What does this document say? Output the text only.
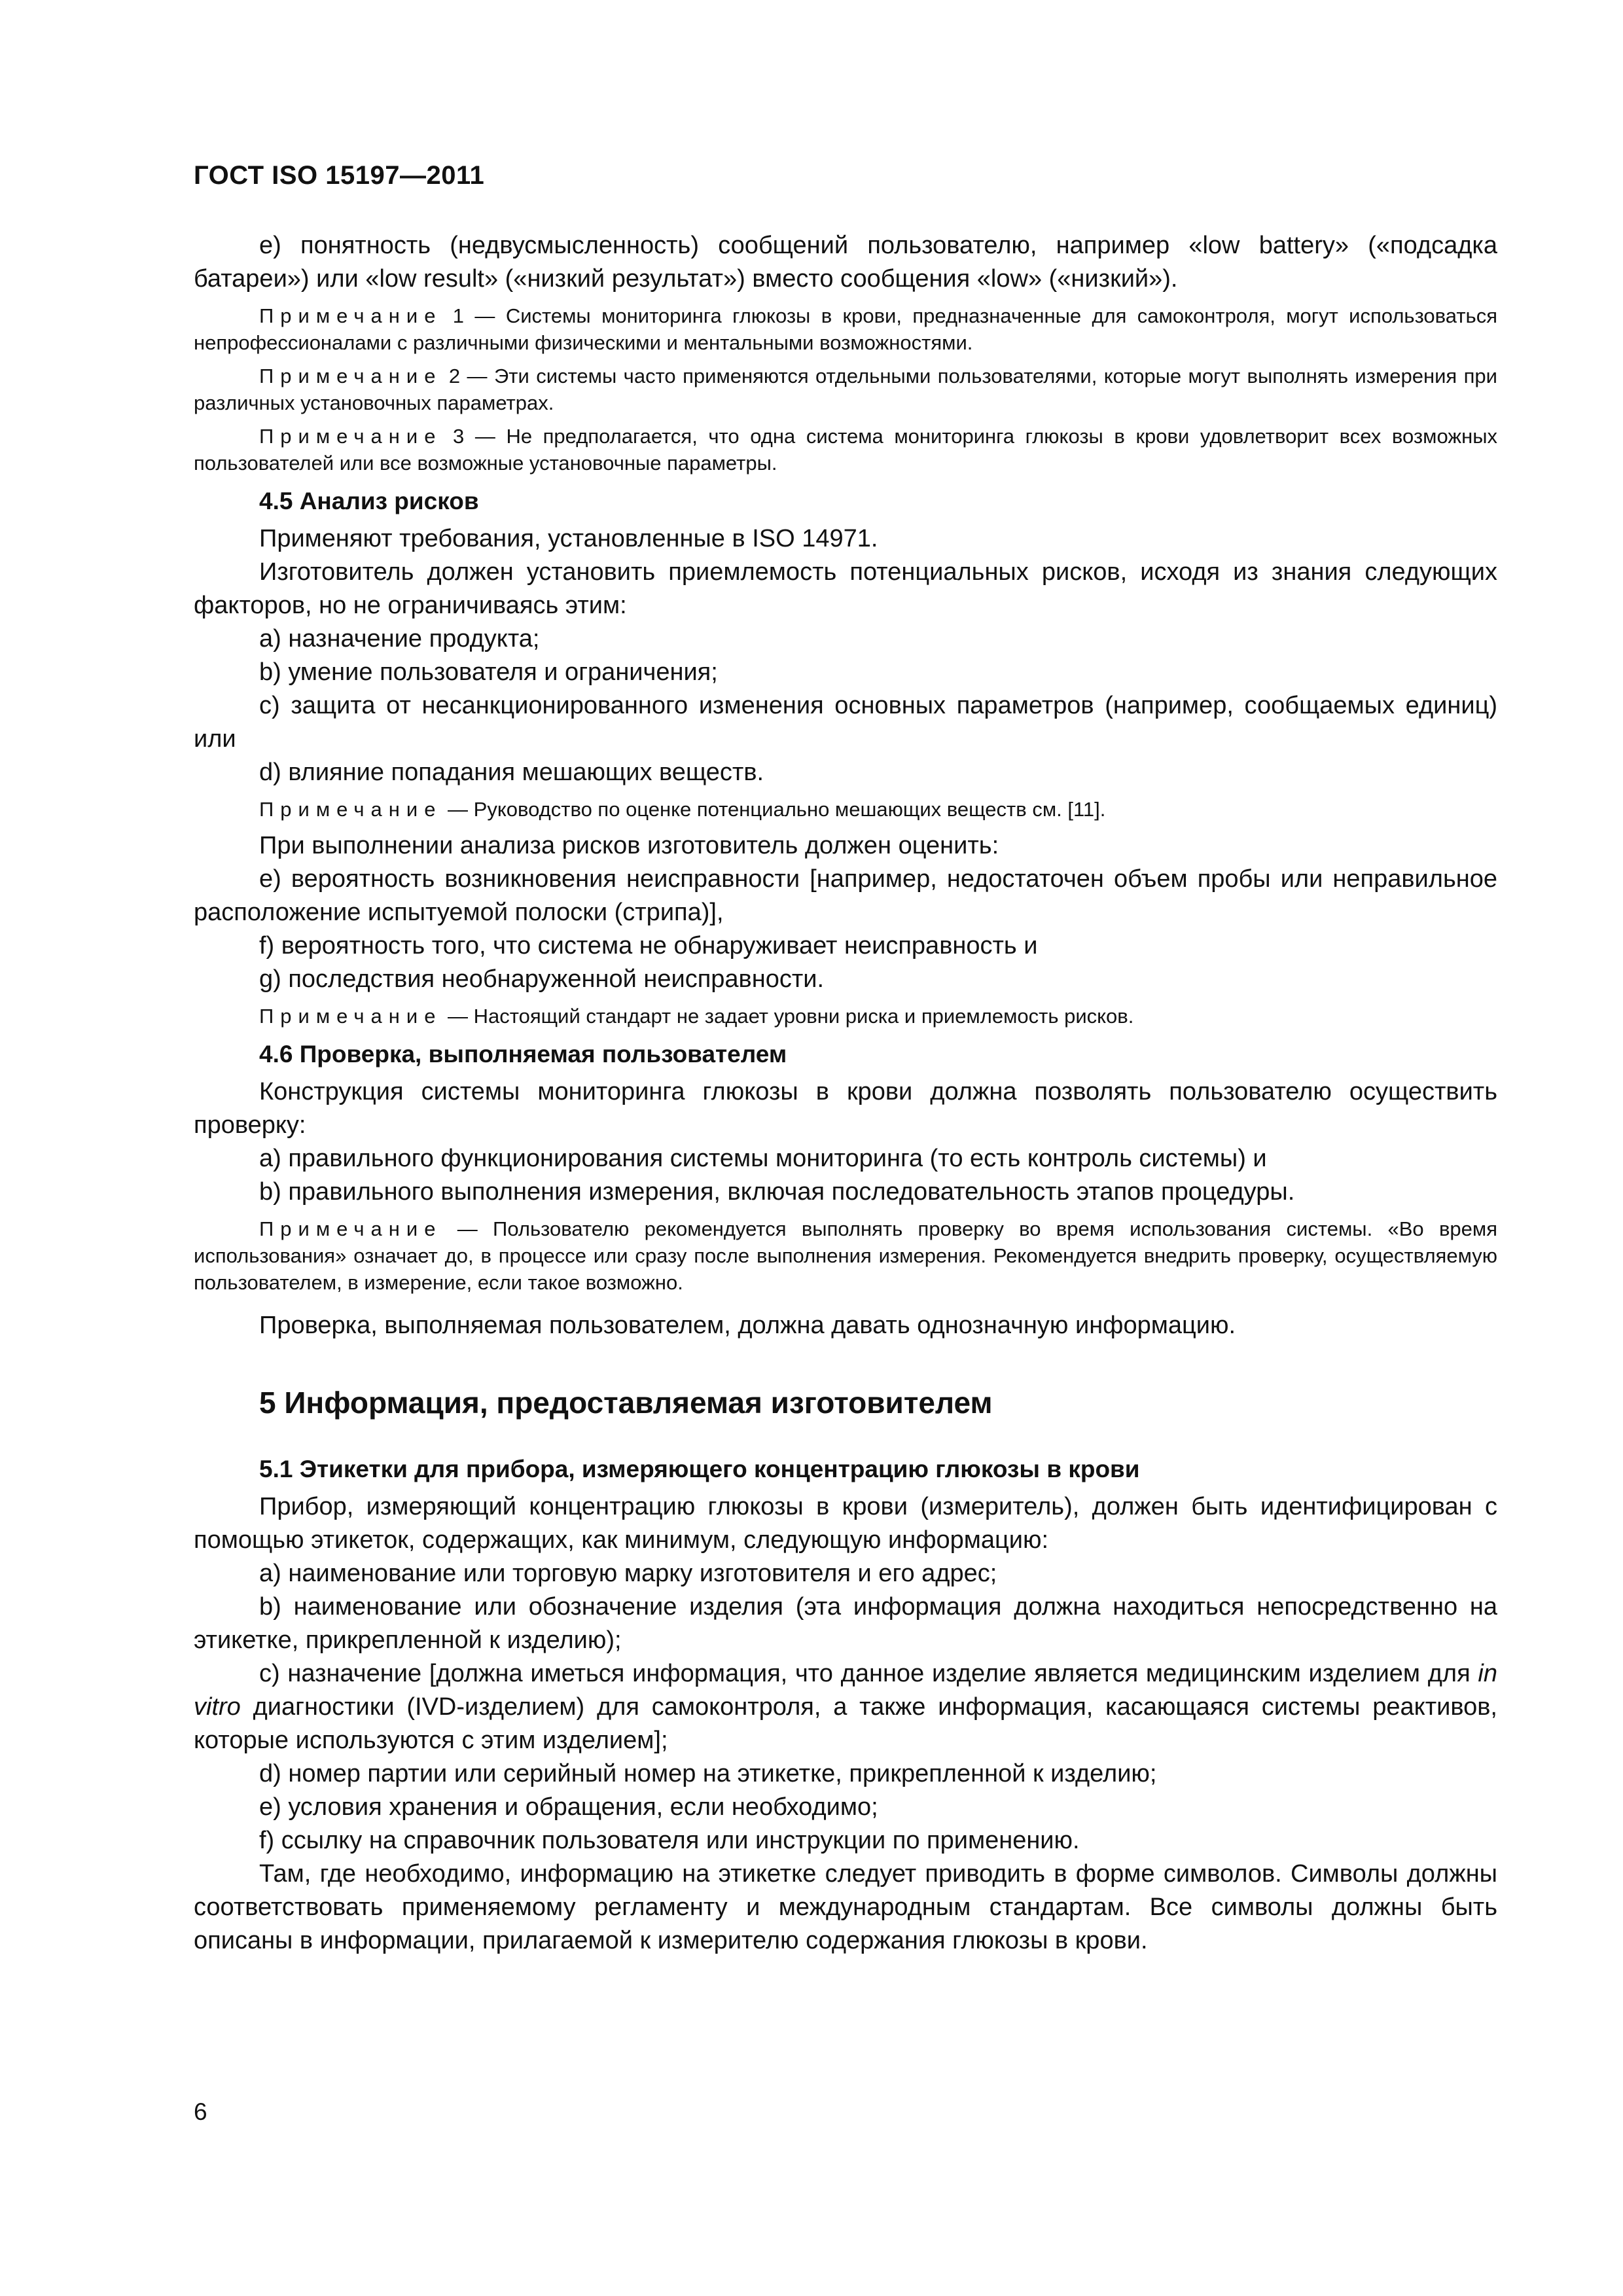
ГОСТ ISO 15197—2011

e) понятность (недвусмысленность) сообщений пользователю, например «low battery» («подсадка батареи») или «low result» («низкий результат») вместо сообщения «low» («низкий»).

Примечание 1 — Системы мониторинга глюкозы в крови, предназначенные для самоконтроля, могут использоваться непрофессионалами с различными физическими и ментальными возможностями.

Примечание 2 — Эти системы часто применяются отдельными пользователями, которые могут выполнять измерения при различных установочных параметрах.

Примечание 3 — Не предполагается, что одна система мониторинга глюкозы в крови удовлетворит всех возможных пользователей или все возможные установочные параметры.

4.5 Анализ рисков

Применяют требования, установленные в ISO 14971.

Изготовитель должен установить приемлемость потенциальных рисков, исходя из знания следующих факторов, но не ограничиваясь этим:

a) назначение продукта;

b) умение пользователя и ограничения;

c) защита от несанкционированного изменения основных параметров (например, сообщаемых единиц) или

d) влияние попадания мешающих веществ.

Примечание — Руководство по оценке потенциально мешающих веществ см. [11].

При выполнении анализа рисков изготовитель должен оценить:

e) вероятность возникновения неисправности [например, недостаточен объем пробы или неправильное расположение испытуемой полоски (стрипа)],

f) вероятность того, что система не обнаруживает неисправность и

g) последствия необнаруженной неисправности.

Примечание — Настоящий стандарт не задает уровни риска и приемлемость рисков.

4.6 Проверка, выполняемая пользователем

Конструкция системы мониторинга глюкозы в крови должна позволять пользователю осуществить проверку:

a) правильного функционирования системы мониторинга (то есть контроль системы) и

b) правильного выполнения измерения, включая последовательность этапов процедуры.

Примечание — Пользователю рекомендуется выполнять проверку во время использования системы. «Во время использования» означает до, в процессе или сразу после выполнения измерения. Рекомендуется внедрить проверку, осуществляемую пользователем, в измерение, если такое возможно.

Проверка, выполняемая пользователем, должна давать однозначную информацию.

5 Информация, предоставляемая изготовителем
5.1 Этикетки для прибора, измеряющего концентрацию глюкозы в крови

Прибор, измеряющий концентрацию глюкозы в крови (измеритель), должен быть идентифицирован с помощью этикеток, содержащих, как минимум, следующую информацию:

a) наименование или торговую марку изготовителя и его адрес;

b) наименование или обозначение изделия (эта информация должна находиться непосредственно на этикетке, прикрепленной к изделию);

c) назначение [должна иметься информация, что данное изделие является медицинским изделием для in vitro диагностики (IVD-изделием) для самоконтроля, а также информация, касающаяся системы реактивов, которые используются с этим изделием];

d) номер партии или серийный номер на этикетке, прикрепленной к изделию;

e) условия хранения и обращения, если необходимо;

f) ссылку на справочник пользователя или инструкции по применению.

Там, где необходимо, информацию на этикетке следует приводить в форме символов. Символы должны соответствовать применяемому регламенту и международным стандартам. Все символы должны быть описаны в информации, прилагаемой к измерителю содержания глюкозы в крови.

6
